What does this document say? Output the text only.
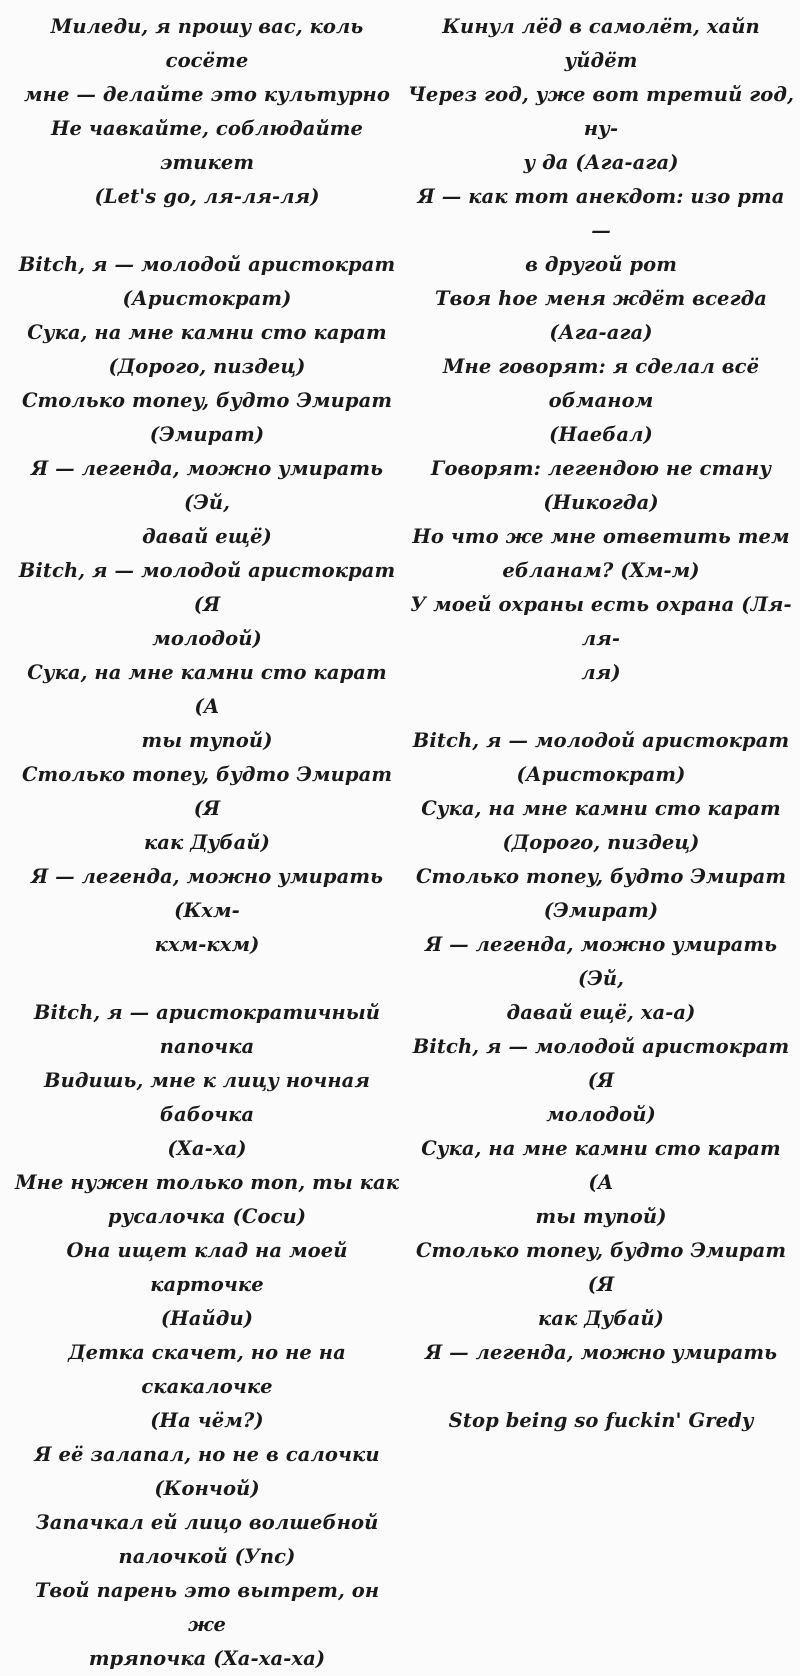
Миледи, я прошу вас, коль сосёте
мне — делайте это культурно
Не чавкайте, соблюдайте этикет
(Let's go, ля-ля-ля)
Bitch, я — молодой аристократ
(Аристократ)
Сука, на мне камни сто карат
(Дорого, пиздец)
Столько money, будто Эмират
(Эмират)
Я — легенда, можно умирать (Эй,
давай ещё)
Bitch, я — молодой аристократ (Я
молодой)
Сука, на мне камни сто карат (А
ты тупой)
Столько money, будто Эмират (Я
как Дубай)
Я — легенда, можно умирать (Кхм-
кхм-кхм)
Bitch, я — аристократичный
папочка
Видишь, мне к лицу ночная бабочка
(Ха-ха)
Мне нужен только топ, ты как
русалочка (Соси)
Она ищет клад на моей карточке
(Найди)
Детка скачет, но не на скакалочке
(На чём?)
Я её залапал, но не в салочки
(Кончой)
Запачкал ей лицо волшебной
палочкой (Упс)
Твой парень это вытрет, он же
тряпочка (Ха-ха-ха)
Кинул лёд в самолёт, хайп уйдёт
Через год, уже вот третий год, ну-
у да (Ага-ага)
Я — как тот анекдот: изо рта —
в другой рот
Твоя hoe меня ждёт всегда (Ага-ага)
Мне говорят: я сделал всё обманом
(Наебал)
Говорят: легендою не стану
(Никогда)
Но что же мне ответить тем
ебланам? (Хм-м)
У моей охраны есть охрана (Ля-ля-
ля)
Bitch, я — молодой аристократ
(Аристократ)
Сука, на мне камни сто карат
(Дорого, пиздец)
Столько money, будто Эмират
(Эмират)
Я — легенда, можно умирать (Эй,
давай ещё, ха-а)
Bitch, я — молодой аристократ (Я
молодой)
Сука, на мне камни сто карат (А
ты тупой)
Столько money, будто Эмират (Я
как Дубай)
Я — легенда, можно умирать
Stop being so fuckin' Gredy
